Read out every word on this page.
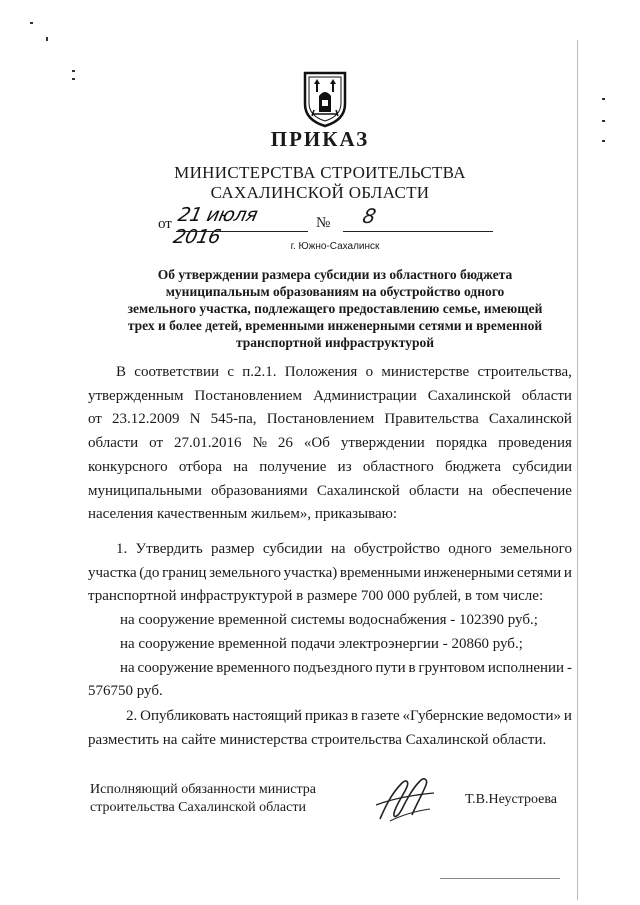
ПРИКАЗ
МИНИСТЕРСТВА СТРОИТЕЛЬСТВА
САХАЛИНСКОЙ ОБЛАСТИ
от 21 июля 2016
№ 8
г. Южно-Сахалинск
Об утверждении размера субсидии из областного бюджета
муниципальным образованиям на обустройство одного
земельного участка, подлежащего предоставлению семье, имеющей
трех и более детей, временными инженерными сетями и временной
транспортной инфраструктурой
В соответствии с п.2.1. Положения о министерстве строительства,
утвержденным Постановлением Администрации Сахалинской области
от 23.12.2009 N 545-па, Постановлением Правительства Сахалинской
области от 27.01.2016 № 26 «Об утверждении порядка проведения
конкурсного отбора на получение из областного бюджета субсидии
муниципальными образованиями Сахалинской области на обеспечение
населения качественным жильем», приказываю:
1. Утвердить размер субсидии на обустройство одного земельного
участка (до границ земельного участка) временными инженерными сетями и
транспортной инфраструктурой в размере 700 000 рублей, в том числе:
на сооружение временной системы водоснабжения - 102390 руб.;
на сооружение временной подачи электроэнергии - 20860 руб.;
на сооружение временного подъездного пути в грунтовом исполнении -
576750 руб.
2. Опубликовать настоящий приказ в газете «Губернские ведомости» и
разместить на сайте министерства строительства Сахалинской области.
Исполняющий обязанности министра
строительства Сахалинской области
Т.В.Неустроева
